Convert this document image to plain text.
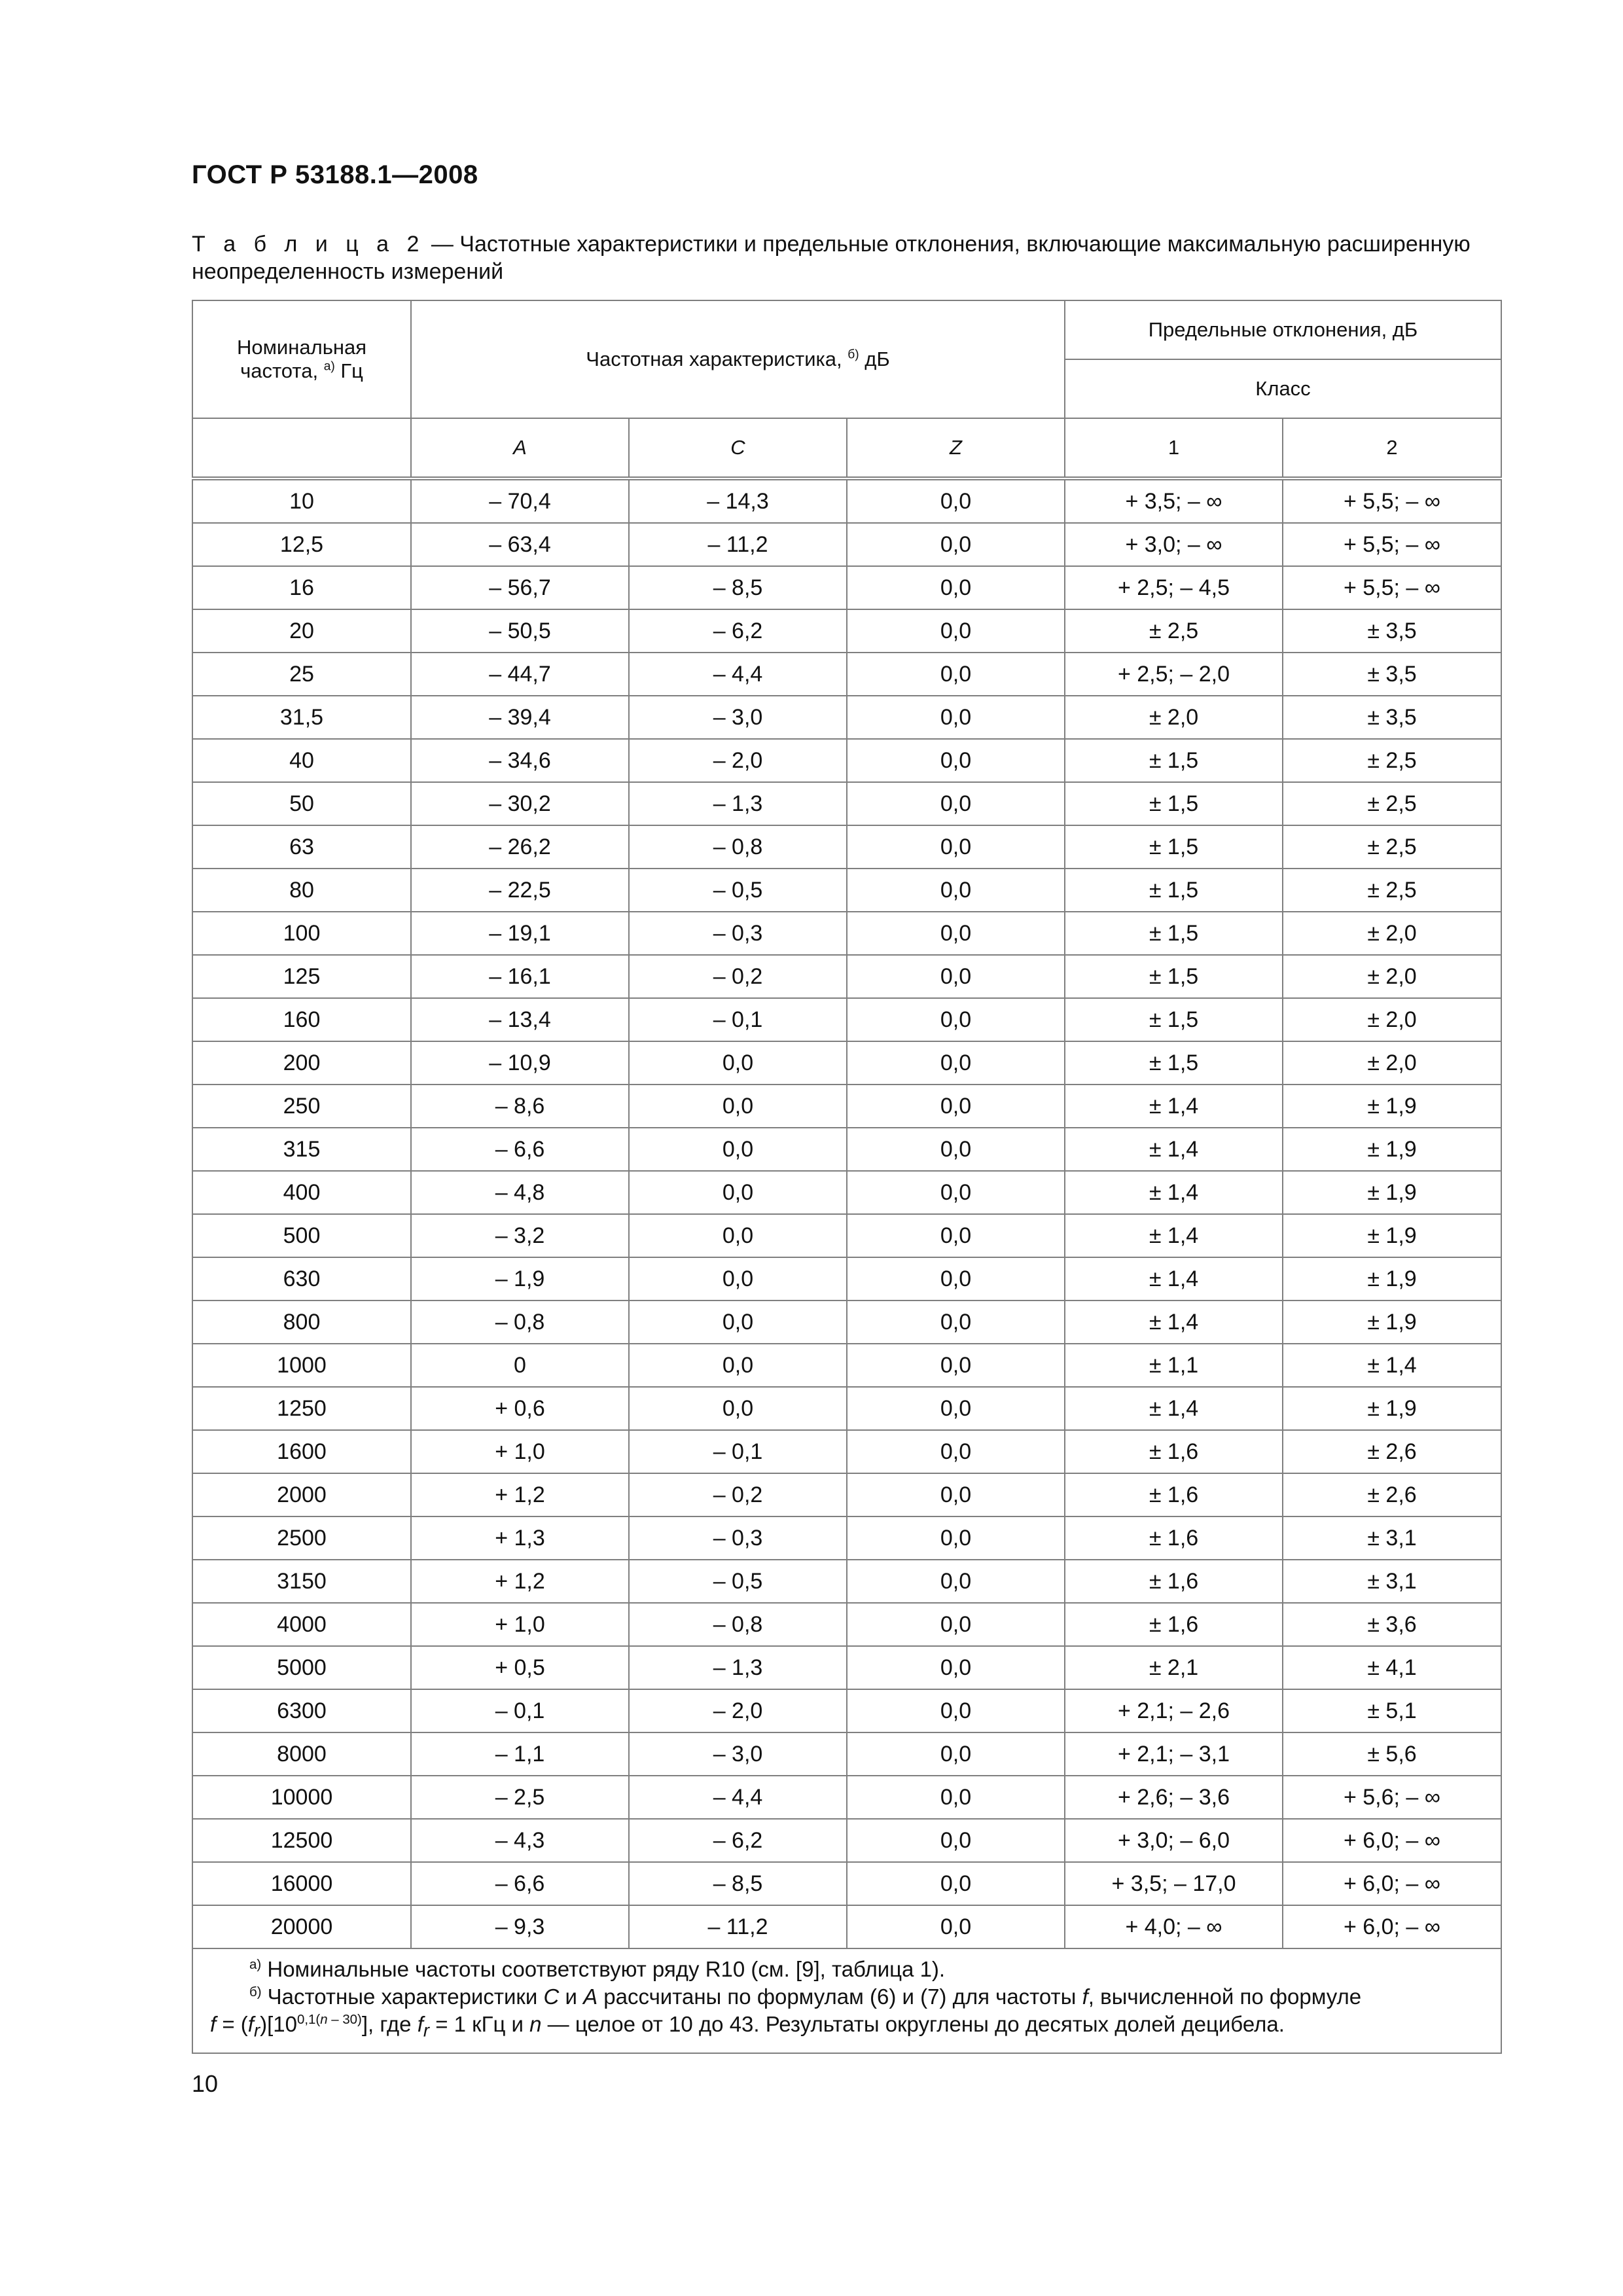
ГОСТ Р 53188.1—2008
Т а б л и ц а 2 — Частотные характеристики и предельные отклонения, включающие максимальную расширенную неопределенность измерений
Номинальная
частота, $^{а)}$ Гц	Частотная характеристика, $^{б)}$ дБ			Предельные отклонения, дБ	
				Класс	
	A	C	Z	1	2
10	– 70,4	– 14,3	0,0	+ 3,5; – ∞	+ 5,5; – ∞
12,5	– 63,4	– 11,2	0,0	+ 3,0; – ∞	+ 5,5; – ∞
16	– 56,7	– 8,5	0,0	+ 2,5; – 4,5	+ 5,5; – ∞
20	– 50,5	– 6,2	0,0	± 2,5	± 3,5
25	– 44,7	– 4,4	0,0	+ 2,5; – 2,0	± 3,5
31,5	– 39,4	– 3,0	0,0	± 2,0	± 3,5
40	– 34,6	– 2,0	0,0	± 1,5	± 2,5
50	– 30,2	– 1,3	0,0	± 1,5	± 2,5
63	– 26,2	– 0,8	0,0	± 1,5	± 2,5
80	– 22,5	– 0,5	0,0	± 1,5	± 2,5
100	– 19,1	– 0,3	0,0	± 1,5	± 2,0
125	– 16,1	– 0,2	0,0	± 1,5	± 2,0
160	– 13,4	– 0,1	0,0	± 1,5	± 2,0
200	– 10,9	0,0	0,0	± 1,5	± 2,0
250	– 8,6	0,0	0,0	± 1,4	± 1,9
315	– 6,6	0,0	0,0	± 1,4	± 1,9
400	– 4,8	0,0	0,0	± 1,4	± 1,9
500	– 3,2	0,0	0,0	± 1,4	± 1,9
630	– 1,9	0,0	0,0	± 1,4	± 1,9
800	– 0,8	0,0	0,0	± 1,4	± 1,9
1000	0	0,0	0,0	± 1,1	± 1,4
1250	+ 0,6	0,0	0,0	± 1,4	± 1,9
1600	+ 1,0	– 0,1	0,0	± 1,6	± 2,6
2000	+ 1,2	– 0,2	0,0	± 1,6	± 2,6
2500	+ 1,3	– 0,3	0,0	± 1,6	± 3,1
3150	+ 1,2	– 0,5	0,0	± 1,6	± 3,1
4000	+ 1,0	– 0,8	0,0	± 1,6	± 3,6
5000	+ 0,5	– 1,3	0,0	± 2,1	± 4,1
6300	– 0,1	– 2,0	0,0	+ 2,1; – 2,6	± 5,1
8000	– 1,1	– 3,0	0,0	+ 2,1; – 3,1	± 5,6
10000	– 2,5	– 4,4	0,0	+ 2,6; – 3,6	+ 5,6; – ∞
12500	– 4,3	– 6,2	0,0	+ 3,0; – 6,0	+ 6,0; – ∞
16000	– 6,6	– 8,5	0,0	+ 3,5; – 17,0	+ 6,0; – ∞
20000	– 9,3	– 11,2	0,0	+ 4,0; – ∞	+ 6,0; – ∞

$^{а)}$ Номинальные частоты соответствуют ряду R10 (см. [9], таблица 1).
$^{б)}$ Частотные характеристики C и A рассчитаны по формулам (6) и (7) для частоты f, вычисленной по формуле
$f = (f_r)[10^{0,1(n - 30)}]$, где $f_r = 1$ кГц и n — целое от 10 до 43. Результаты округлены до десятых долей децибела.					
10
